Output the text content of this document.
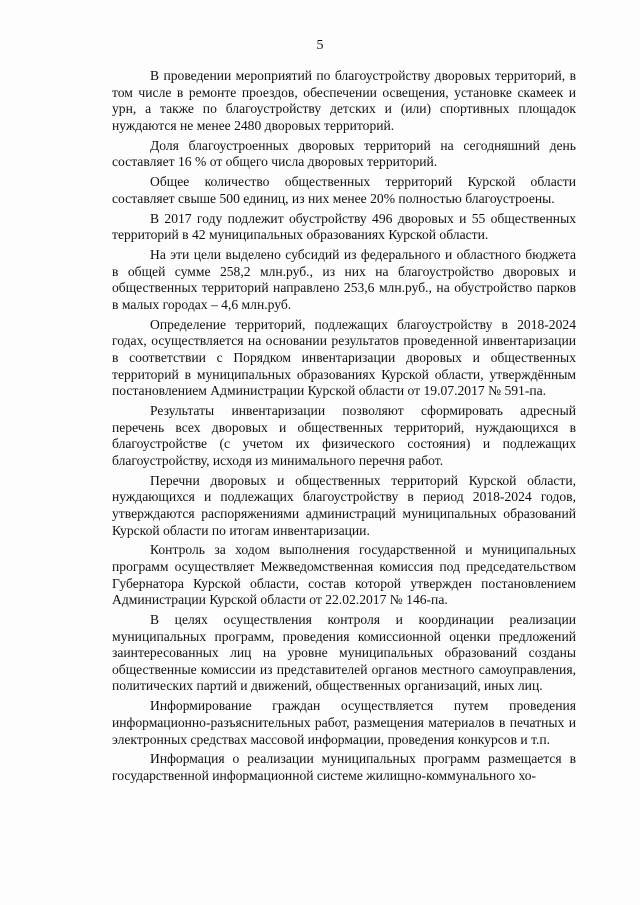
5

В проведении мероприятий по благоустройству дворовых территорий, в том числе в ремонте проездов, обеспечении освещения, установке скамеек и урн, а также по благоустройству детских и (или) спортивных площадок нуждаются не менее 2480 дворовых территорий.

Доля благоустроенных дворовых территорий на сегодняшний день составляет 16 % от общего числа дворовых территорий.

Общее количество общественных территорий Курской области составляет свыше 500 единиц, из них менее 20% полностью благоустроены.

В 2017 году подлежит обустройству 496 дворовых и 55 общественных территорий в 42 муниципальных образованиях Курской области.

На эти цели выделено субсидий из федерального и областного бюджета в общей сумме 258,2 млн.руб., из них на благоустройство дворовых и общественных территорий направлено 253,6 млн.руб., на обустройство парков в малых городах – 4,6 млн.руб.

Определение территорий, подлежащих благоустройству в 2018-2024 годах, осуществляется на основании результатов проведенной инвентаризации в соответствии с Порядком инвентаризации дворовых и общественных территорий в муниципальных образованиях Курской области, утверждённым постановлением Администрации Курской области от 19.07.2017 № 591-па.

Результаты инвентаризации позволяют сформировать адресный перечень всех дворовых и общественных территорий, нуждающихся в благоустройстве (с учетом их физического состояния) и подлежащих благоустройству, исходя из минимального перечня работ.

Перечни дворовых и общественных территорий Курской области, нуждающихся и подлежащих благоустройству в период 2018-2024 годов, утверждаются распоряжениями администраций муниципальных образований Курской области по итогам инвентаризации.

Контроль за ходом выполнения государственной и муниципальных программ осуществляет Межведомственная комиссия под председательством Губернатора Курской области, состав которой утвержден постановлением Администрации Курской области от 22.02.2017 № 146-па.

В целях осуществления контроля и координации реализации муниципальных программ, проведения комиссионной оценки предложений заинтересованных лиц на уровне муниципальных образований созданы общественные комиссии из представителей органов местного самоуправления, политических партий и движений, общественных организаций, иных лиц.

Информирование граждан осуществляется путем проведения информационно-разъяснительных работ, размещения материалов в печатных и электронных средствах массовой информации, проведения конкурсов и т.п.

Информация о реализации муниципальных программ размещается в государственной информационной системе жилищно-коммунального хо-
